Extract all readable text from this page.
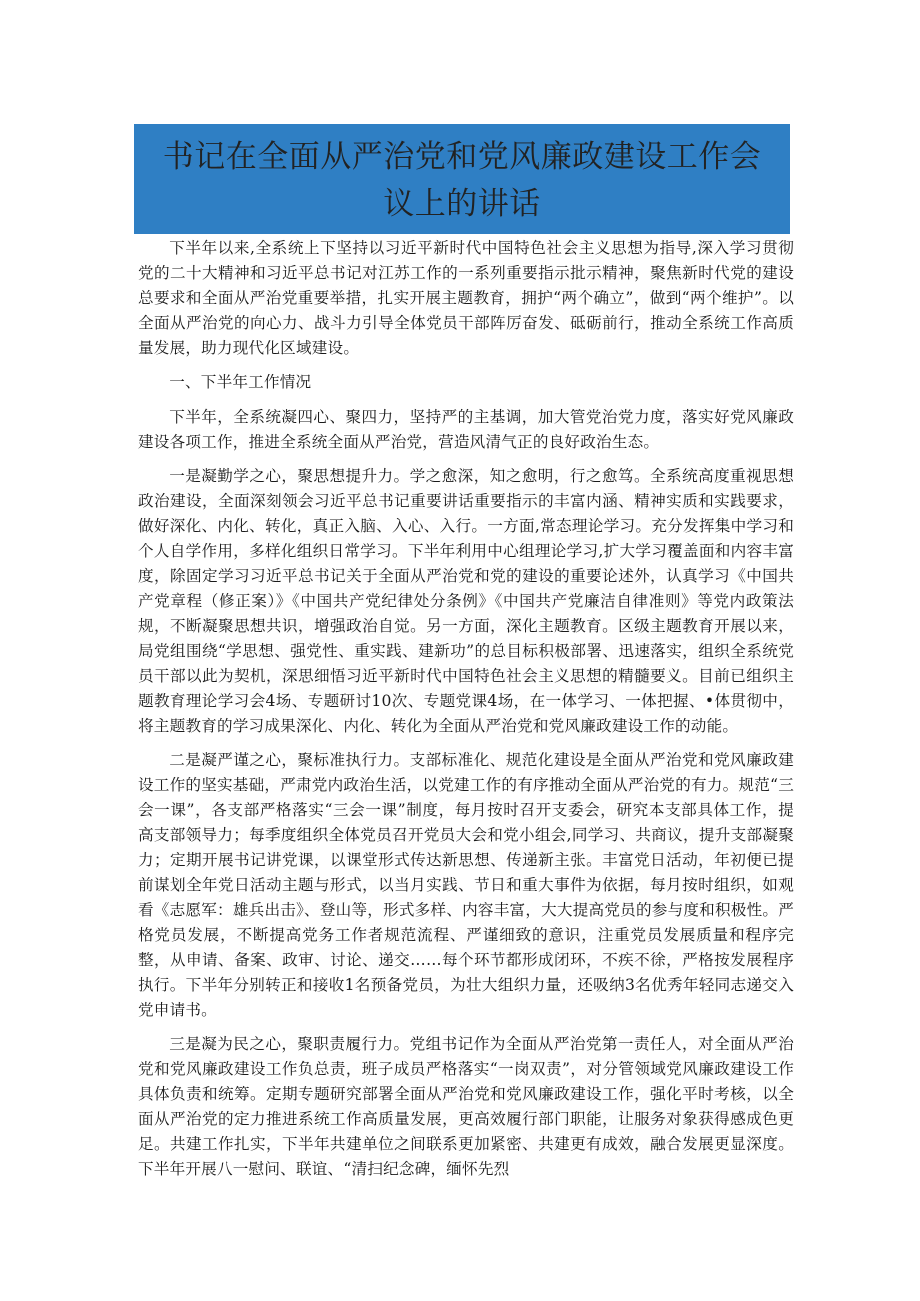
书记在全面从严治党和党风廉政建设工作会议上的讲话

下半年以来,全系统上下坚持以习近平新时代中国特色社会主义思想为指导,深入学习贯彻党的二十大精神和习近平总书记对江苏工作的一系列重要指示批示精神，聚焦新时代党的建设总要求和全面从严治党重要举措，扎实开展主题教育，拥护“两个确立”，做到“两个维护”。以全面从严治党的向心力、战斗力引导全体党员干部阵厉奋发、砥砺前行，推动全系统工作高质量发展，助力现代化区域建设。

一、下半年工作情况

下半年，全系统凝四心、聚四力，坚持严的主基调，加大管党治党力度，落实好党风廉政建设各项工作，推进全系统全面从严治党，营造风清气正的良好政治生态。

一是凝勤学之心，聚思想提升力。学之愈深，知之愈明，行之愈笃。全系统高度重视思想政治建设，全面深刻领会习近平总书记重要讲话重要指示的丰富内涵、精神实质和实践要求，做好深化、内化、转化，真正入脑、入心、入行。一方面,常态理论学习。充分发挥集中学习和个人自学作用，多样化组织日常学习。下半年利用中心组理论学习,扩大学习覆盖面和内容丰富度，除固定学习习近平总书记关于全面从严治党和党的建设的重要论述外，认真学习《中国共产党章程（修正案）》《中国共产党纪律处分条例》《中国共产党廉洁自律准则》等党内政策法规，不断凝聚思想共识，增强政治自觉。另一方面，深化主题教育。区级主题教育开展以来，局党组围绕“学思想、强党性、重实践、建新功”的总目标积极部署、迅速落实，组织全系统党员干部以此为契机，深思细悟习近平新时代中国特色社会主义思想的精髓要义。目前已组织主题教育理论学习会4场、专题研讨10次、专题党课4场，在一体学习、一体把握、•体贯彻中，将主题教育的学习成果深化、内化、转化为全面从严治党和党风廉政建设工作的动能。

二是凝严谨之心，聚标准执行力。支部标准化、规范化建设是全面从严治党和党风廉政建设工作的坚实基础，严肃党内政治生活，以党建工作的有序推动全面从严治党的有力。规范“三会一课”，各支部严格落实“三会一课”制度，每月按时召开支委会，研究本支部具体工作，提高支部领导力；每季度组织全体党员召开党员大会和党小组会,同学习、共商议，提升支部凝聚力；定期开展书记讲党课，以课堂形式传达新思想、传递新主张。丰富党日活动，年初便已提前谋划全年党日活动主题与形式，以当月实践、节日和重大事件为依据，每月按时组织，如观看《志愿军：雄兵出击》、登山等，形式多样、内容丰富，大大提高党员的参与度和积极性。严格党员发展，不断提高党务工作者规范流程、严谨细致的意识，注重党员发展质量和程序完整，从申请、备案、政审、讨论、递交……每个环节都形成闭环，不疾不徐，严格按发展程序执行。下半年分别转正和接收1名预备党员，为壮大组织力量，还吸纳3名优秀年轻同志递交入党申请书。

三是凝为民之心，聚职责履行力。党组书记作为全面从严治党第一责任人，对全面从严治党和党风廉政建设工作负总责，班子成员严格落实“一岗双责”，对分管领域党风廉政建设工作具体负责和统筹。定期专题研究部署全面从严治党和党风廉政建设工作，强化平时考核，以全面从严治党的定力推进系统工作高质量发展，更高效履行部门职能，让服务对象获得感成色更足。共建工作扎实，下半年共建单位之间联系更加紧密、共建更有成效，融合发展更显深度。下半年开展八一慰问、联谊、“清扫纪念碑，缅怀先烈
